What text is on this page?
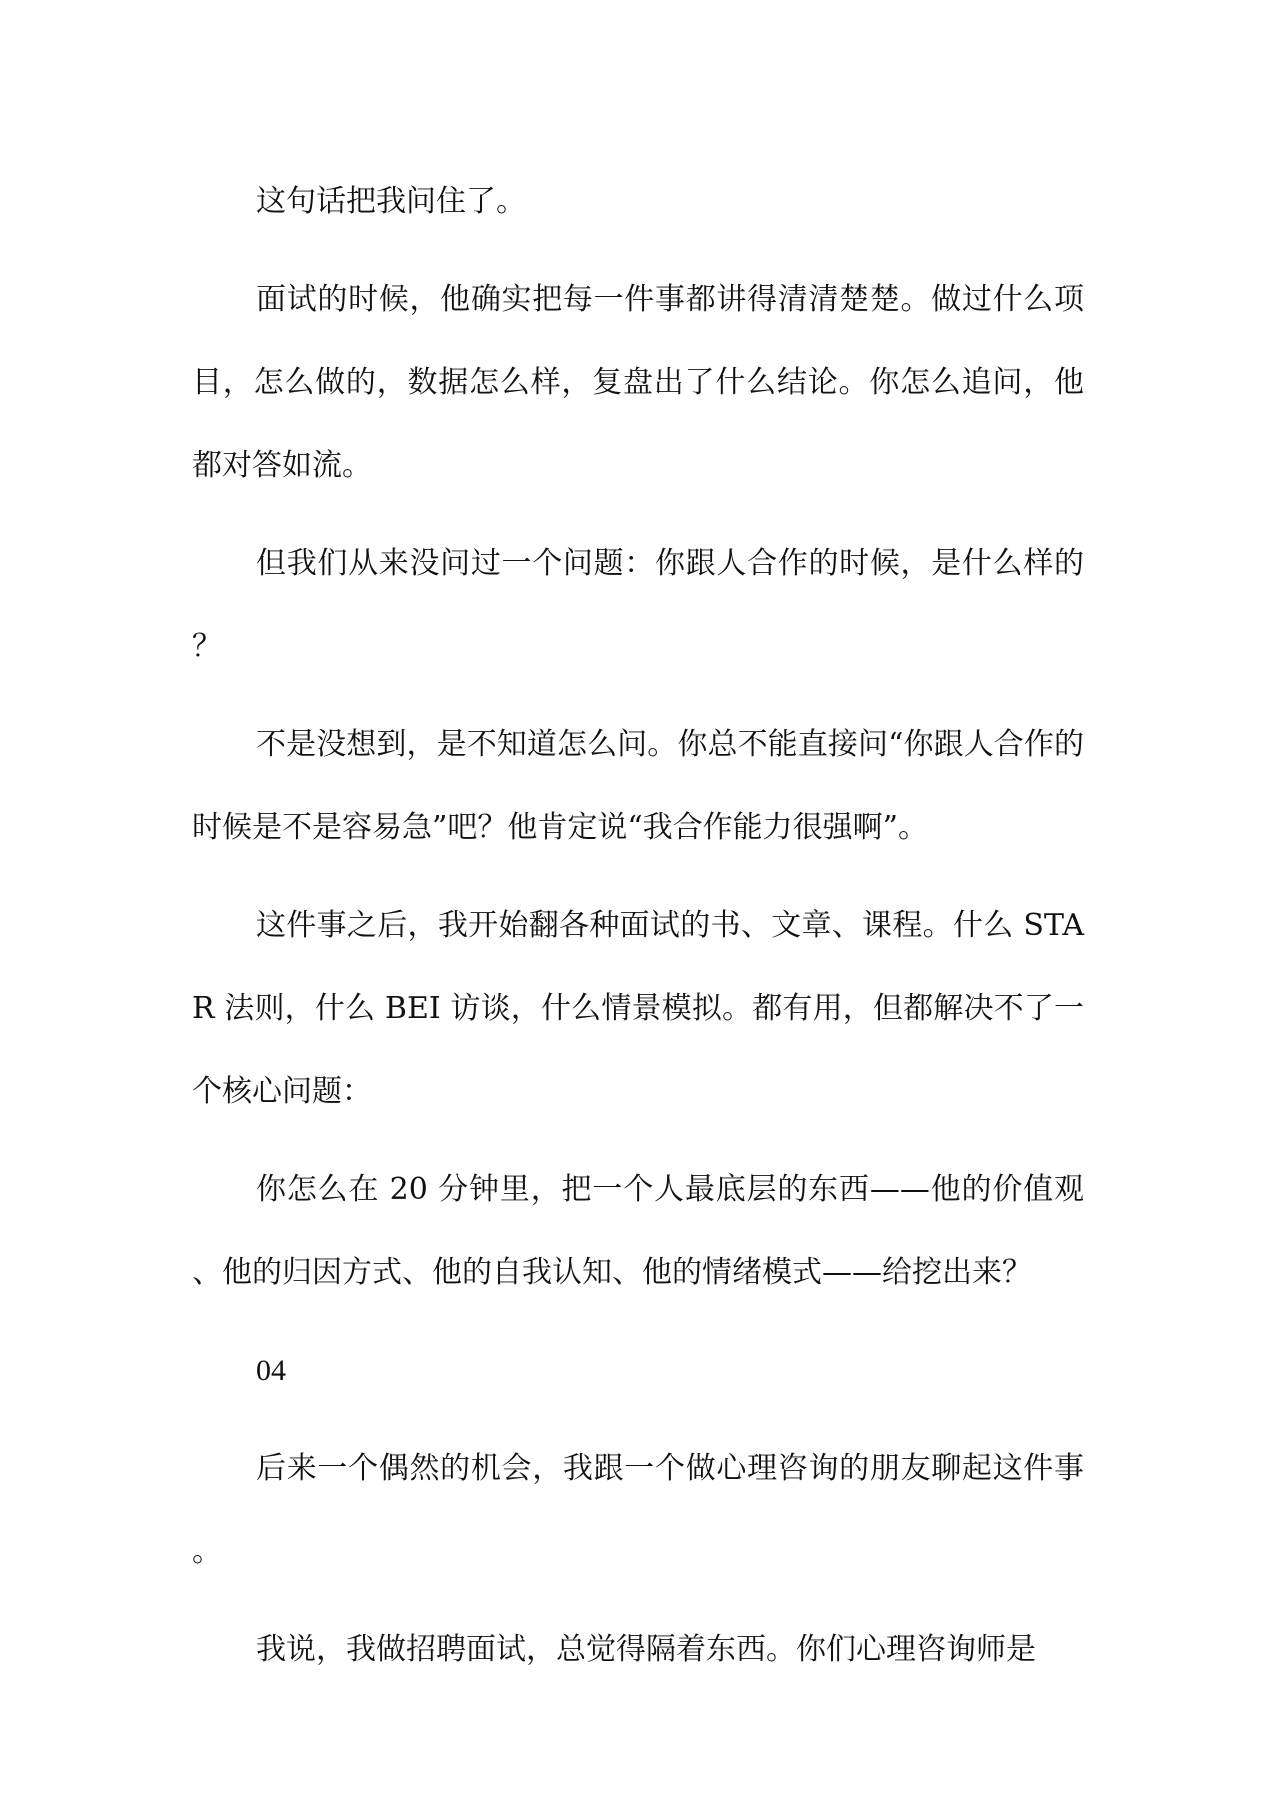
这句话把我问住了。

面试的时候，他确实把每一件事都讲得清清楚楚。做过什么项目，怎么做的，数据怎么样，复盘出了什么结论。你怎么追问，他都对答如流。

但我们从来没问过一个问题：你跟人合作的时候，是什么样的？

不是没想到，是不知道怎么问。你总不能直接问“你跟人合作的时候是不是容易急”吧？他肯定说“我合作能力很强啊”。

这件事之后，我开始翻各种面试的书、文章、课程。什么 STAR 法则，什么 BEI 访谈，什么情景模拟。都有用，但都解决不了一个核心问题：

你怎么在 20 分钟里，把一个人最底层的东西——他的价值观、他的归因方式、他的自我认知、他的情绪模式——给挖出来？

04

后来一个偶然的机会，我跟一个做心理咨询的朋友聊起这件事。

我说，我做招聘面试，总觉得隔着东西。你们心理咨询师是
